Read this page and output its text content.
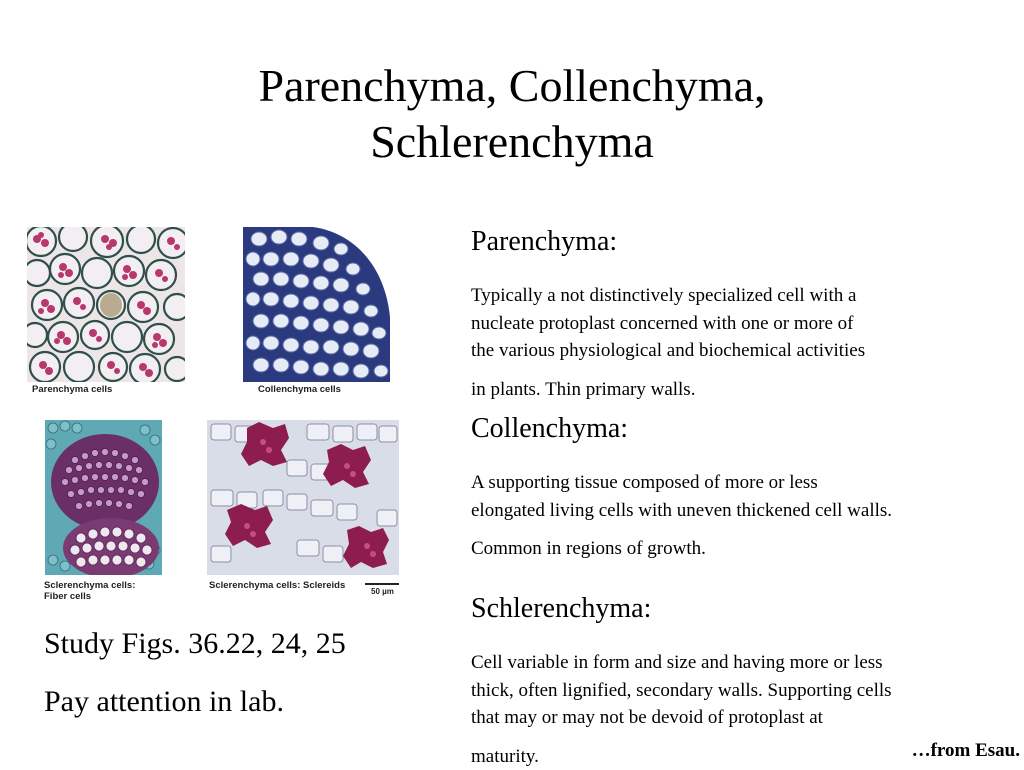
Parenchyma, Collenchyma,
Schlerenchyma
Parenchyma cells	Collenchyma cells
Sclerenchyma cells:
Fiber cells
Sclerenchyma cells: Sclereids
50 µm
Parenchyma:
Typically a not distinctively specialized cell with a
nucleate protoplast concerned with one or more of
the various physiological and biochemical activities
in plants. Thin primary walls.
Collenchyma:
A supporting tissue composed of more or less
elongated living cells with uneven thickened cell walls.
Common in regions of growth.
Schlerenchyma:
Cell variable in form and size and having more or less
thick, often lignified, secondary walls. Supporting cells
that may or may not be devoid of protoplast at
maturity.
Study Figs. 36.22, 24, 25
Pay attention in lab.
…from Esau.
